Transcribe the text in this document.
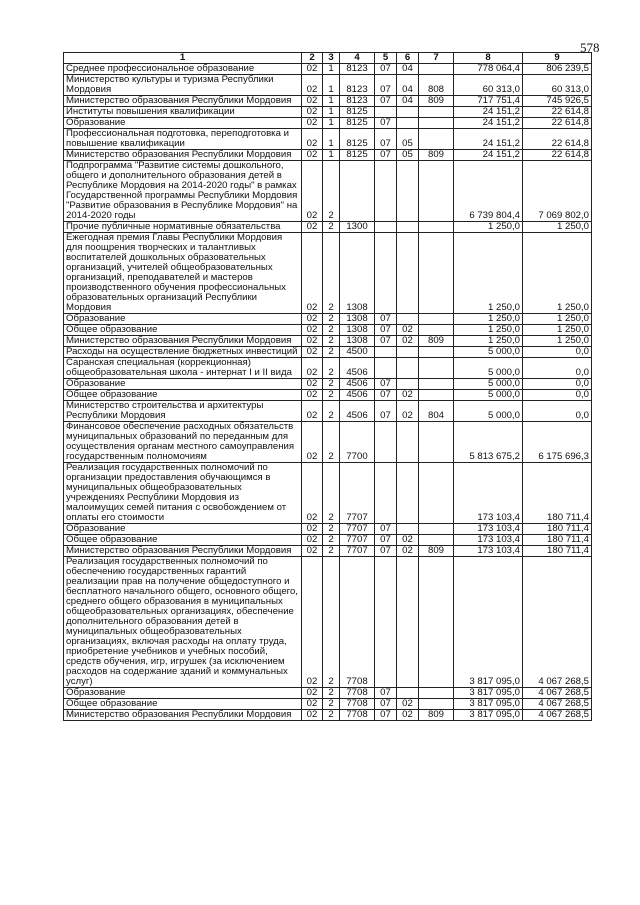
578
1	2	3	4	5	6	7	8	9
Среднее профессиональное образование	02	1	8123	07	04		778 064,4	806 239,5
Министерство культуры и туризма Республики Мордовия	02	1	8123	07	04	808	60 313,0	60 313,0
Министерство образования Республики Мордовия	02	1	8123	07	04	809	717 751,4	745 926,5
Институты повышения квалификации	02	1	8125				24 151,2	22 614,8
Образование	02	1	8125	07			24 151,2	22 614,8
Профессиональная подготовка, переподготовка и повышение квалификации	02	1	8125	07	05		24 151,2	22 614,8
Министерство образования Республики Мордовия	02	1	8125	07	05	809	24 151,2	22 614,8
Подпрограмма "Развитие системы дошкольного, общего и дополнительного образования детей в Республике Мордовия на 2014-2020 годы" в рамках Государственной программы Республики Мордовия "Развитие образования в Республике Мордовия" на 2014-2020 годы	02	2					6 739 804,4	7 069 802,0
Прочие публичные нормативные обязательства	02	2	1300				1 250,0	1 250,0
Ежегодная премия Главы Республики Мордовия для поощрения творческих и талантливых воспитателей дошкольных образовательных организаций, учителей общеобразовательных организаций, преподавателей и мастеров производственного обучения профессиональных образовательных организаций Республики Мордовия	02	2	1308				1 250,0	1 250,0
Образование	02	2	1308	07			1 250,0	1 250,0
Общее образование	02	2	1308	07	02		1 250,0	1 250,0
Министерство образования Республики Мордовия	02	2	1308	07	02	809	1 250,0	1 250,0
Расходы на осуществление бюджетных инвестиций	02	2	4500				5 000,0	0,0
Саранская специальная (коррекционная) общеобразовательная школа - интернат I и II вида	02	2	4506				5 000,0	0,0
Образование	02	2	4506	07			5 000,0	0,0
Общее образование	02	2	4506	07	02		5 000,0	0,0
Министерство строительства и архитектуры Республики Мордовия	02	2	4506	07	02	804	5 000,0	0,0
Финансовое обеспечение расходных обязательств муниципальных образований по переданным для осуществления органам местного самоуправления государственным полномочиям	02	2	7700				5 813 675,2	6 175 696,3
Реализация государственных полномочий по организации предоставления обучающимся в муниципальных общеобразовательных учреждениях Республики Мордовия из малоимущих семей питания с освобождением от оплаты его стоимости	02	2	7707				173 103,4	180 711,4
Образование	02	2	7707	07			173 103,4	180 711,4
Общее образование	02	2	7707	07	02		173 103,4	180 711,4
Министерство образования Республики Мордовия	02	2	7707	07	02	809	173 103,4	180 711,4
Реализация государственных полномочий по обеспечению государственных гарантий реализации прав на получение общедоступного и бесплатного начального общего, основного общего, среднего общего образования в муниципальных общеобразовательных организациях, обеспечение дополнительного образования детей в муниципальных общеобразовательных организациях, включая расходы на оплату труда, приобретение учебников и учебных пособий, средств обучения, игр, игрушек (за исключением расходов на содержание зданий и коммунальных услуг)	02	2	7708				3 817 095,0	4 067 268,5
Образование	02	2	7708	07			3 817 095,0	4 067 268,5
Общее образование	02	2	7708	07	02		3 817 095,0	4 067 268,5
Министерство образования Республики Мордовия	02	2	7708	07	02	809	3 817 095,0	4 067 268,5
